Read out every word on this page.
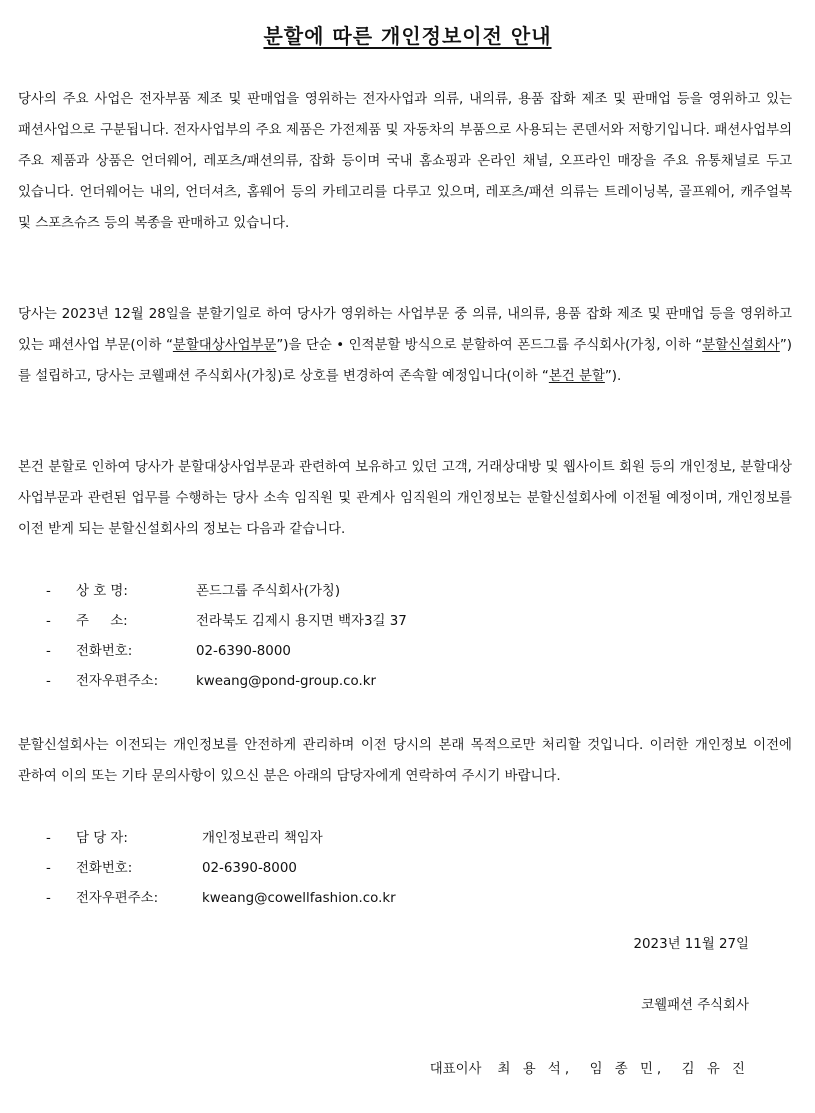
분할에 따른 개인정보이전 안내

당사의 주요 사업은 전자부품 제조 및 판매업을 영위하는 전자사업과 의류, 내의류, 용품 잡화 제조 및 판매업 등을 영위하고 있는 패션사업으로 구분됩니다. 전자사업부의 주요 제품은 가전제품 및 자동차의 부품으로 사용되는 콘덴서와 저항기입니다. 패션사업부의 주요 제품과 상품은 언더웨어, 레포츠/패션의류, 잡화 등이며 국내 홈쇼핑과 온라인 채널, 오프라인 매장을 주요 유통채널로 두고 있습니다. 언더웨어는 내의, 언더셔츠, 홈웨어 등의 카테고리를 다루고 있으며, 레포츠/패션 의류는 트레이닝복, 골프웨어, 캐주얼복 및 스포츠슈즈 등의 복종을 판매하고 있습니다.

당사는 2023년 12월 28일을 분할기일로 하여 당사가 영위하는 사업부문 중 의류, 내의류, 용품 잡화 제조 및 판매업 등을 영위하고 있는 패션사업 부문(이하 “분할대상사업부문”)을 단순 • 인적분할 방식으로 분할하여 폰드그룹 주식회사(가칭, 이하 “분할신설회사”)를 설립하고, 당사는 코웰패션 주식회사(가칭)로 상호를 변경하여 존속할 예정입니다(이하 “본건 분할”).

본건 분할로 인하여 당사가 분할대상사업부문과 관련하여 보유하고 있던 고객, 거래상대방 및 웹사이트 회원 등의 개인정보, 분할대상 사업부문과 관련된 업무를 수행하는 당사 소속 임직원 및 관계사 임직원의 개인정보는 분할신설회사에 이전될 예정이며, 개인정보를 이전 받게 되는 분할신설회사의 정보는 다음과 같습니다.

-	상 호 명:	폰드그룹 주식회사(가칭)
-	주     소:	전라북도 김제시 용지면 백자3길 37
-	전화번호:	02-6390-8000
-	전자우편주소:	kweang@pond-group.co.kr

분할신설회사는 이전되는 개인정보를 안전하게 관리하며 이전 당시의 본래 목적으로만 처리할 것입니다. 이러한 개인정보 이전에 관하여 이의 또는 기타 문의사항이 있으신 분은 아래의 담당자에게 연락하여 주시기 바랍니다.

-	담 당 자:	개인정보관리 책임자
-	전화번호:	02-6390-8000
-	전자우편주소:	kweang@cowellfashion.co.kr
2023년 11월 27일
코웰패션 주식회사
대표이사 최 용 석,  임 종 민,  김 유 진
